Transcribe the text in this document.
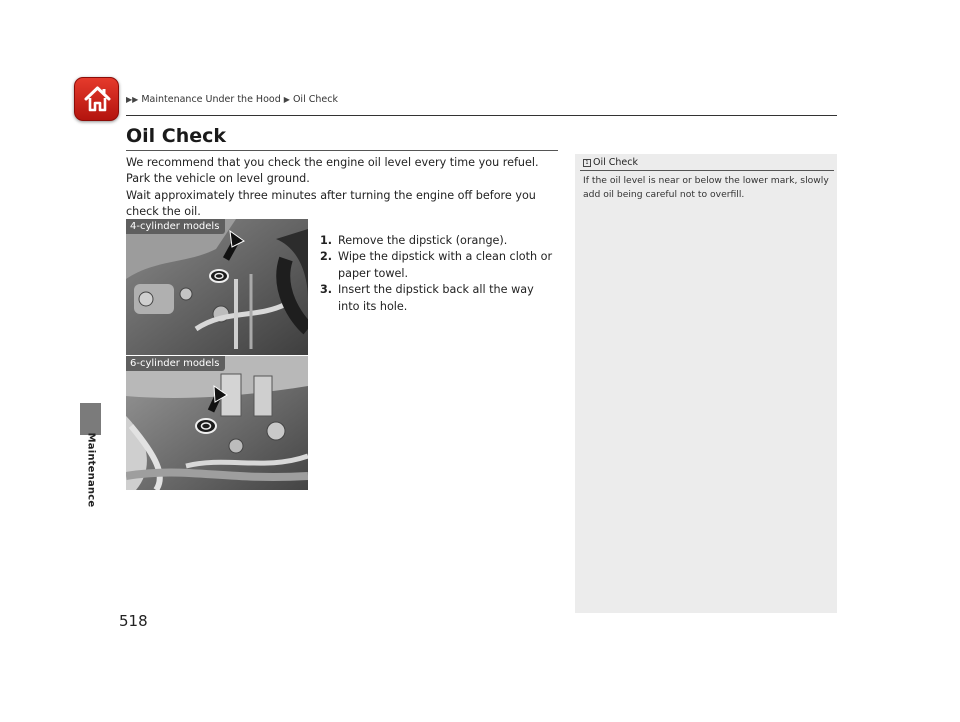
▶▶ Maintenance Under the Hood ▶ Oil Check
Maintenance
518
Oil Check

We recommend that you check the engine oil level every time you refuel.

Park the vehicle on level ground.

Wait approximately three minutes after turning the engine off before you check the oil.

1. Remove the dipstick (orange).
2. Wipe the dipstick with a clean cloth or paper towel.
3. Insert the dipstick back all the way into its hole.
4-cylinder models
6-cylinder models
1 Oil Check

If the oil level is near or below the lower mark, slowly add oil being careful not to overfill.
